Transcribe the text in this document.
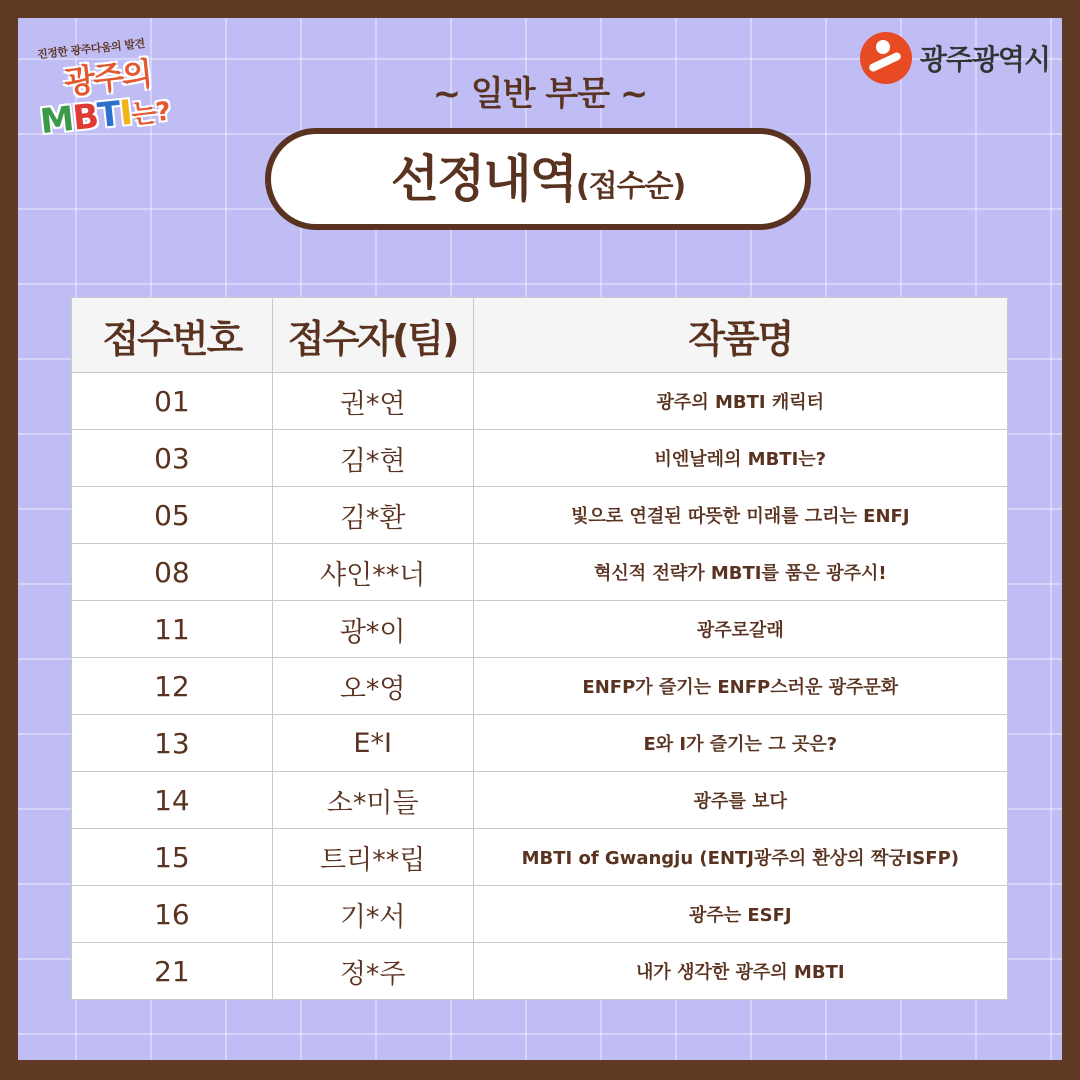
진정한 광주다움의 발견
광주의
MBTI는?
광주광역시
~ 일반 부문 ~
선정내역(접수순)
접수번호	접수자(팀)	작품명
01	권*연	광주의 MBTI 캐릭터
03	김*현	비엔날레의 MBTI는?
05	김*환	빛으로 연결된 따뜻한 미래를 그리는 ENFJ
08	샤인**너	혁신적 전략가 MBTI를 품은 광주시!
11	광*이	광주로갈래
12	오*영	ENFP가 즐기는 ENFP스러운 광주문화
13	E*I	E와 I가 즐기는 그 곳은?
14	소*미들	광주를 보다
15	트리**립	MBTI of Gwangju (ENTJ광주의 환상의 짝궁ISFP)
16	기*서	광주는 ESFJ
21	정*주	내가 생각한 광주의 MBTI
